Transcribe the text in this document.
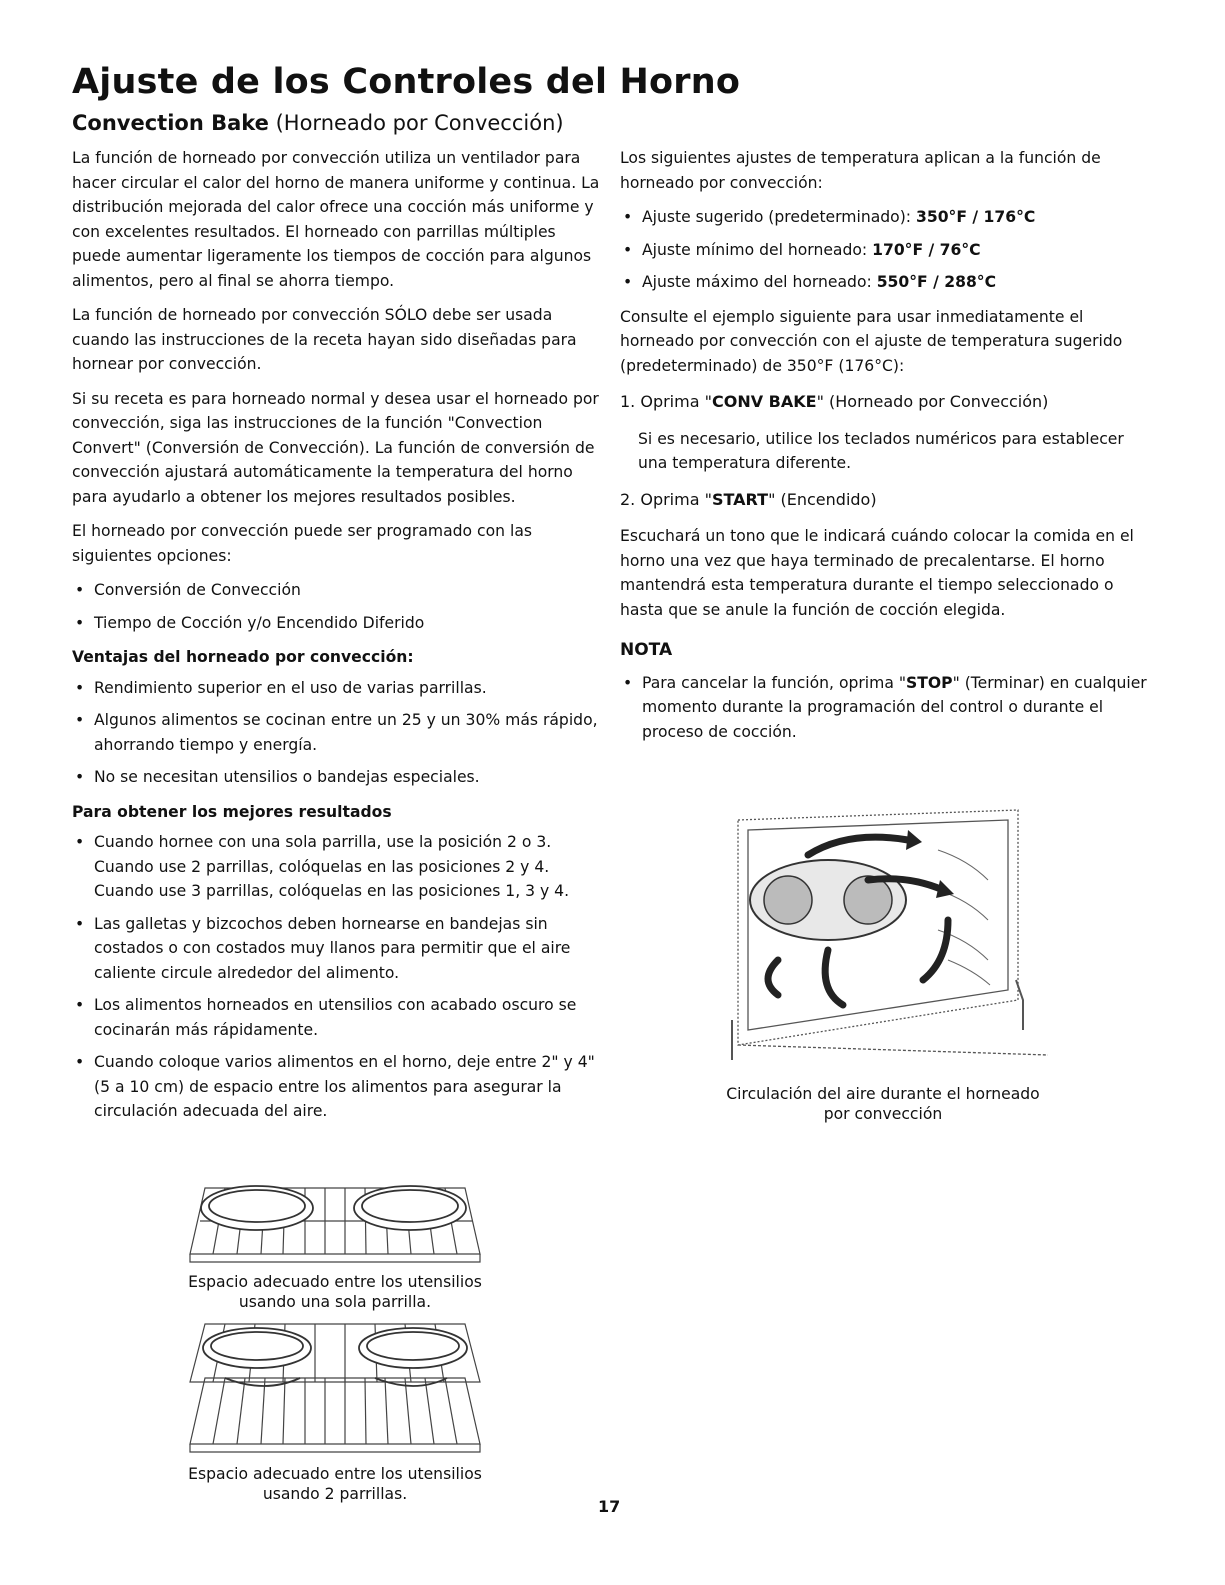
Ajuste de los Controles del Horno
Convection Bake (Horneado por Convección)

La función de horneado por convección utiliza un ventilador para hacer circular el calor del horno de manera uniforme y continua. La distribución mejorada del calor ofrece una cocción más uniforme y con excelentes resultados. El horneado con parrillas múltiples puede aumentar ligeramente los tiempos de cocción para algunos alimentos, pero al final se ahorra tiempo.

La función de horneado por convección SÓLO debe ser usada cuando las instrucciones de la receta hayan sido diseñadas para hornear por convección.

Si su receta es para horneado normal y desea usar el horneado por convección, siga las instrucciones de la función "Convection Convert" (Conversión de Convección). La función de conversión de convección ajustará automáticamente la temperatura del horno para ayudarlo a obtener los mejores resultados posibles.

El horneado por convección puede ser programado con las siguientes opciones:

• Conversión de Convección
• Tiempo de Cocción y/o Encendido Diferido
Ventajas del horneado por convección:
• Rendimiento superior en el uso de varias parrillas.
• Algunos alimentos se cocinan entre un 25 y un 30% más rápido, ahorrando tiempo y energía.
• No se necesitan utensilios o bandejas especiales.
Para obtener los mejores resultados
• Cuando hornee con una sola parrilla, use la posición 2 o 3. Cuando use 2 parrillas, colóquelas en las posiciones 2 y 4. Cuando use 3 parrillas, colóquelas en las posiciones 1, 3 y 4.
• Las galletas y bizcochos deben hornearse en bandejas sin costados o con costados muy llanos para permitir que el aire caliente circule alrededor del alimento.
• Los alimentos horneados en utensilios con acabado oscuro se cocinarán más rápidamente.
• Cuando coloque varios alimentos en el horno, deje entre 2" y 4" (5 a 10 cm) de espacio entre los alimentos para asegurar la circulación adecuada del aire.
Espacio adecuado entre los utensilios usando una sola parrilla.
Espacio adecuado entre los utensilios usando 2 parrillas.

Los siguientes ajustes de temperatura aplican a la función de horneado por convección:

• Ajuste sugerido (predeterminado): 350°F / 176°C
• Ajuste mínimo del horneado: 170°F / 76°C
• Ajuste máximo del horneado: 550°F / 288°C

Consulte el ejemplo siguiente para usar inmediatamente el horneado por convección con el ajuste de temperatura sugerido (predeterminado) de 350°F (176°C):

1. Oprima "CONV BAKE" (Horneado por Convección)

Si es necesario, utilice los teclados numéricos para establecer una temperatura diferente.

2. Oprima "START" (Encendido)

Escuchará un tono que le indicará cuándo colocar la comida en el horno una vez que haya terminado de precalentarse. El horno mantendrá esta temperatura durante el tiempo seleccionado o hasta que se anule la función de cocción elegida.

NOTA
• Para cancelar la función, oprima "STOP" (Terminar) en cualquier momento durante la programación del control o durante el proceso de cocción.
Circulación del aire durante el horneado por convección
17
